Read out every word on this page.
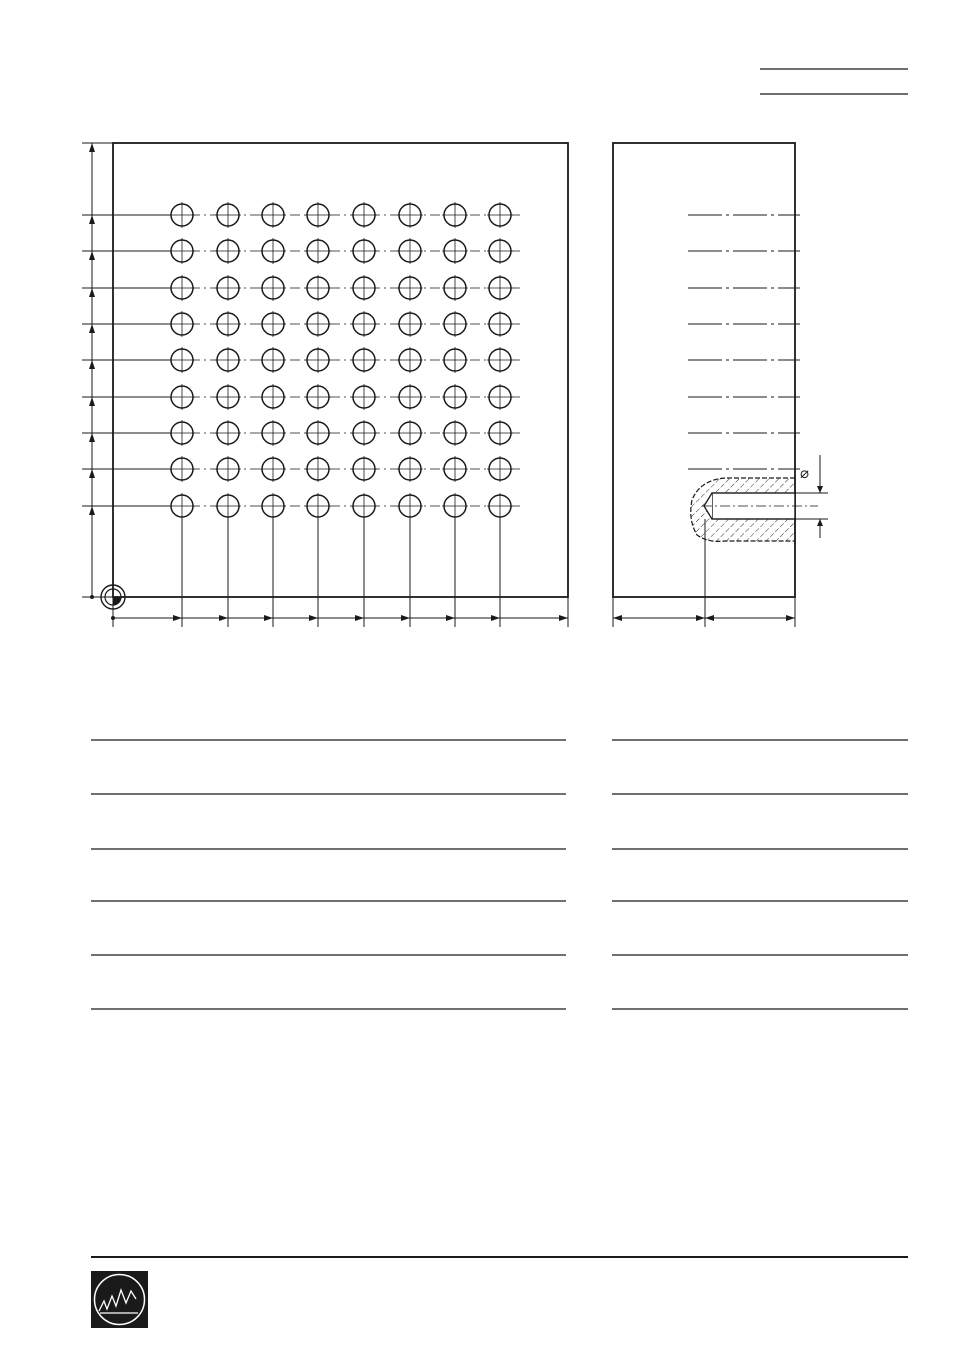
⌀
